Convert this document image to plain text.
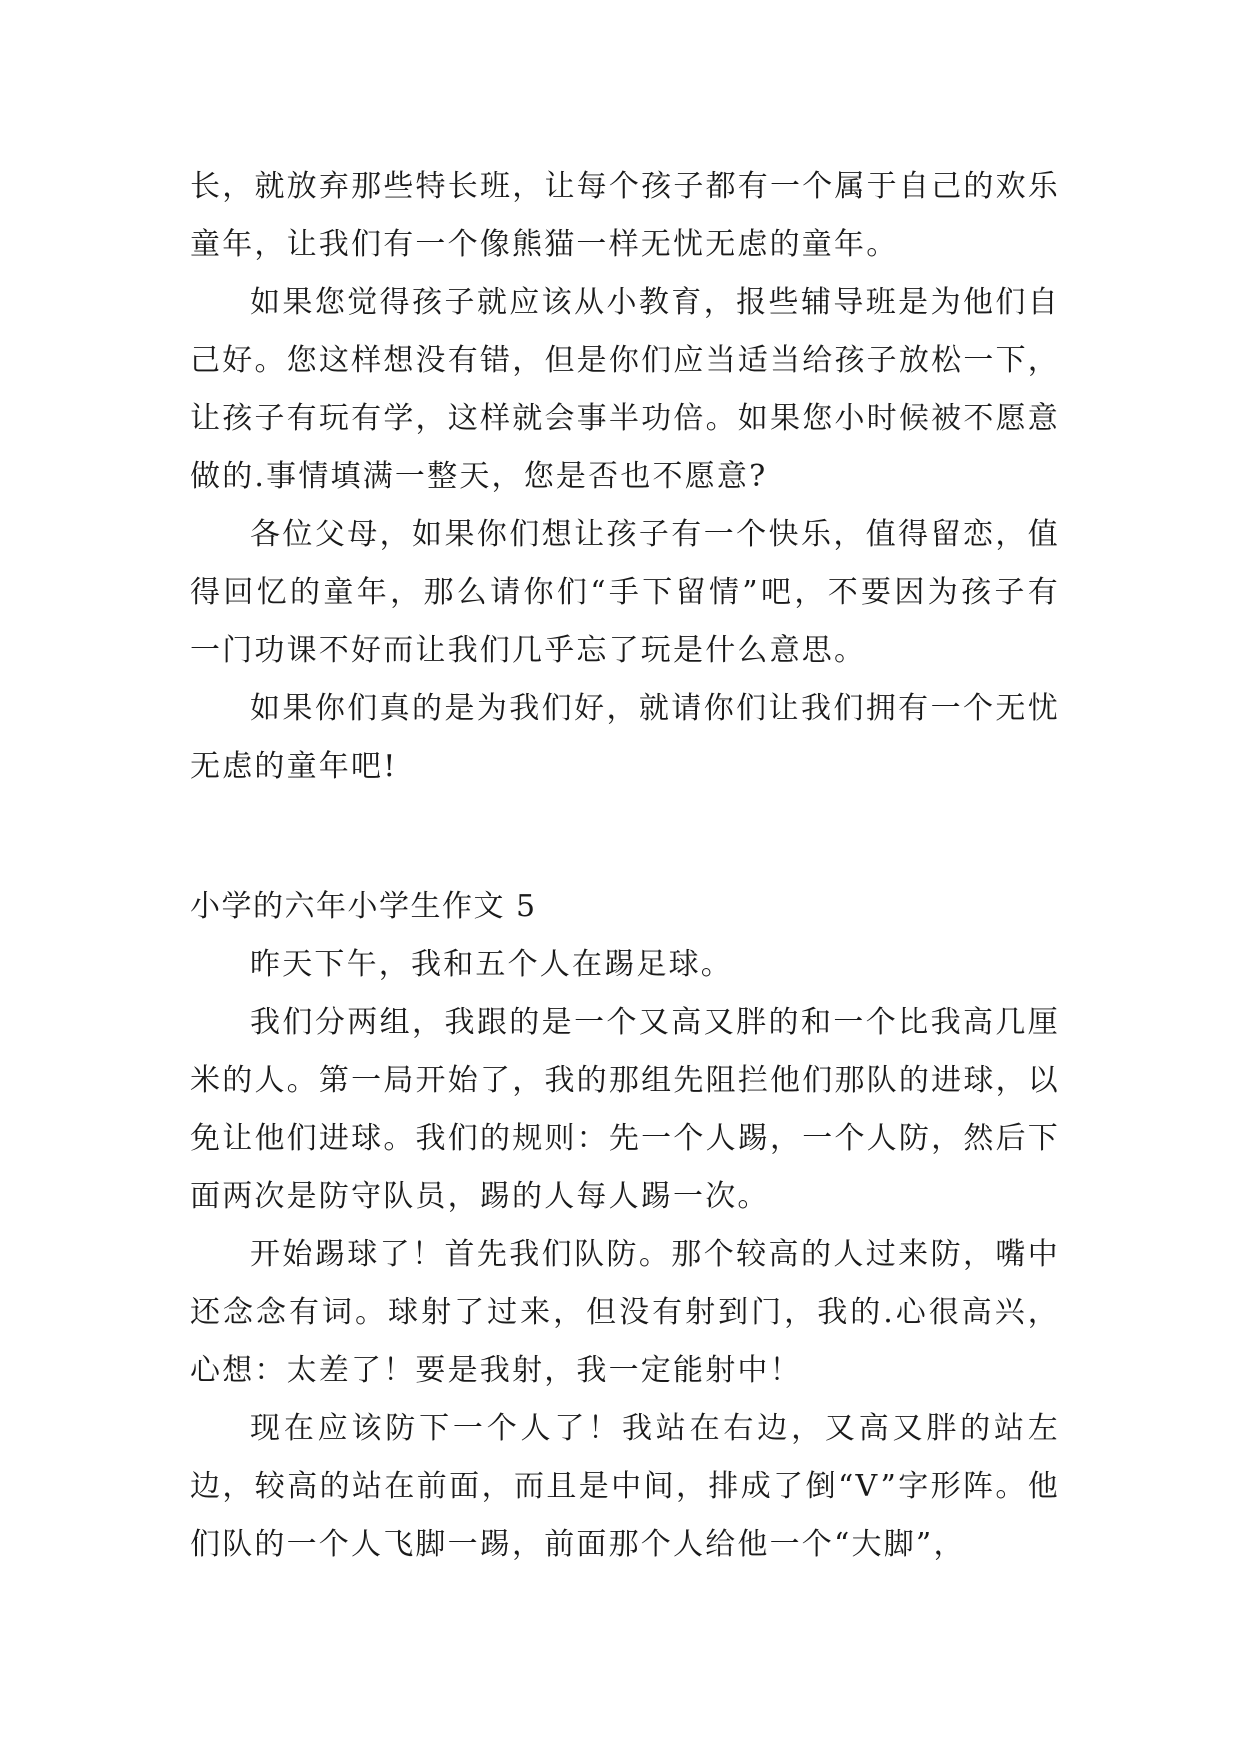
长，就放弃那些特长班，让每个孩子都有一个属于自己的欢乐童年，让我们有一个像熊猫一样无忧无虑的童年。

如果您觉得孩子就应该从小教育，报些辅导班是为他们自己好。您这样想没有错，但是你们应当适当给孩子放松一下，让孩子有玩有学，这样就会事半功倍。如果您小时候被不愿意做的.事情填满一整天，您是否也不愿意?

各位父母，如果你们想让孩子有一个快乐，值得留恋，值得回忆的童年，那么请你们“手下留情”吧，不要因为孩子有一门功课不好而让我们几乎忘了玩是什么意思。

如果你们真的是为我们好，就请你们让我们拥有一个无忧无虑的童年吧!

小学的六年小学生作文 5

昨天下午，我和五个人在踢足球。

我们分两组，我跟的是一个又高又胖的和一个比我高几厘米的人。第一局开始了，我的那组先阻拦他们那队的进球，以免让他们进球。我们的规则：先一个人踢，一个人防，然后下面两次是防守队员，踢的人每人踢一次。

开始踢球了！首先我们队防。那个较高的人过来防，嘴中还念念有词。球射了过来，但没有射到门，我的.心很高兴，心想：太差了！要是我射，我一定能射中！

现在应该防下一个人了！我站在右边，又高又胖的站左边，较高的站在前面，而且是中间，排成了倒“V”字形阵。他们队的一个人飞脚一踢，前面那个人给他一个“大脚”，
